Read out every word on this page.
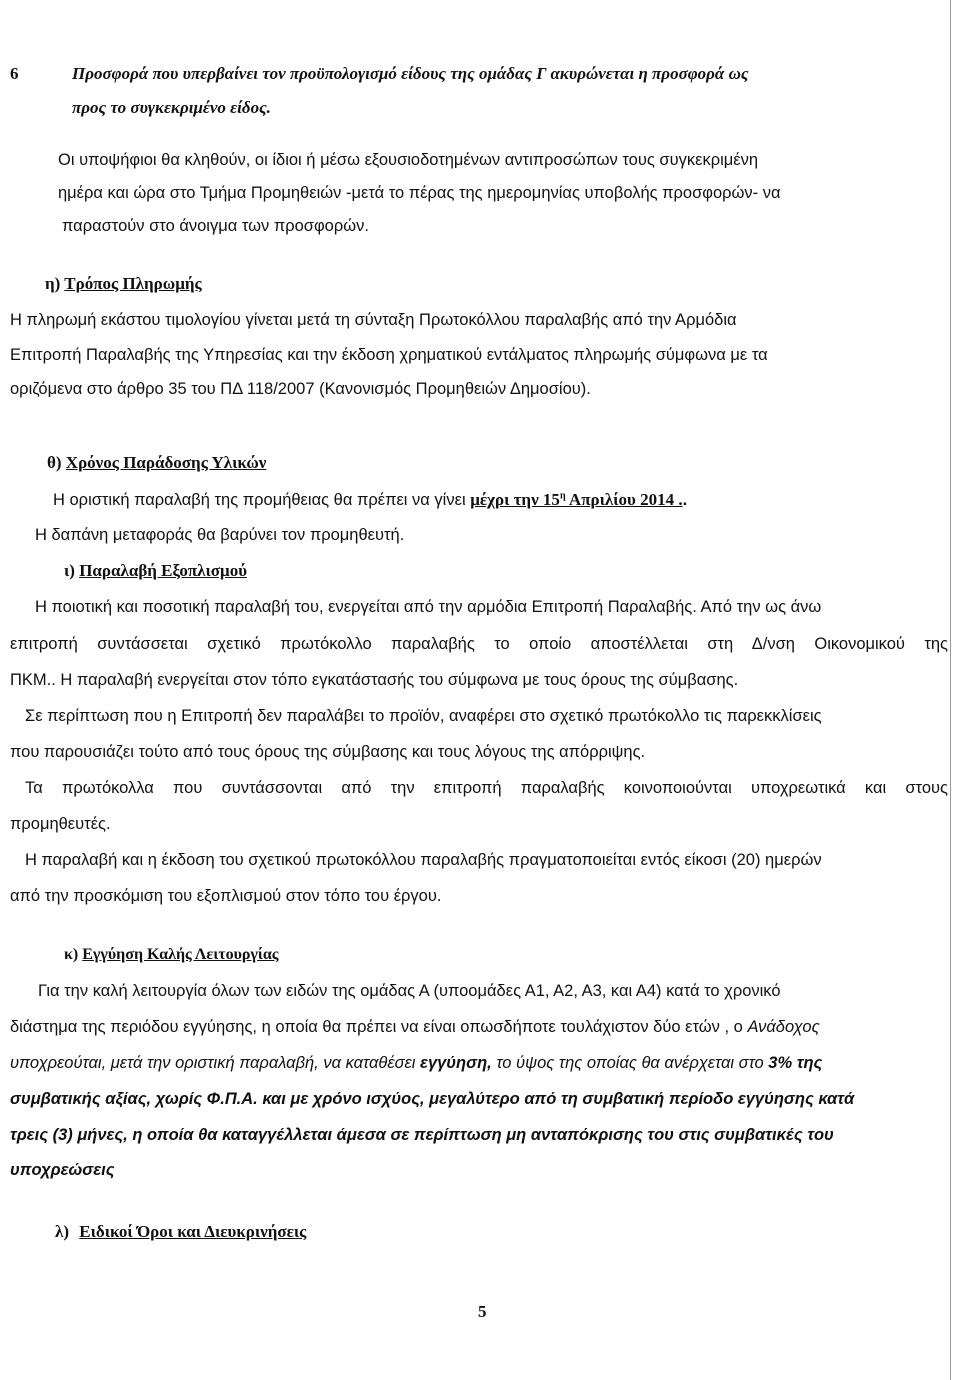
6	Προσφορά που υπερβαίνει τον προϋπολογισμό είδους της ομάδας Γ ακυρώνεται η προσφορά ως
προς το συγκεκριμένο είδος.
Οι υποψήφιοι θα κληθούν, οι ίδιοι ή μέσω εξουσιοδοτημένων αντιπροσώπων τους συγκεκριμένη
ημέρα και ώρα στο Τμήμα Προμηθειών -μετά το πέρας της ημερομηνίας υποβολής προσφορών- να
παραστούν στο άνοιγμα των προσφορών.
η) Τρόπος Πληρωμής
Η πληρωμή εκάστου τιμολογίου γίνεται μετά τη σύνταξη Πρωτοκόλλου παραλαβής από την Αρμόδια
Επιτροπή Παραλαβής της Υπηρεσίας και την έκδοση χρηματικού εντάλματος πληρωμής σύμφωνα με τα
οριζόμενα στο άρθρο 35 του ΠΔ 118/2007 (Κανονισμός Προμηθειών Δημοσίου).
θ) Χρόνος Παράδοσης Υλικών
Η οριστική παραλαβή της προμήθειας θα πρέπει να γίνει μέχρι την $15^\eta$ Απριλίου 2014 ..
Η δαπάνη μεταφοράς θα βαρύνει τον προμηθευτή.
ι) Παραλαβή Εξοπλισμού
Η ποιοτική και ποσοτική παραλαβή του, ενεργείται από την αρμόδια Επιτροπή Παραλαβής. Από την ως άνω
επιτροπή συντάσσεται σχετικό πρωτόκολλο παραλαβής το οποίο αποστέλλεται στη Δ/νση Οικονομικού της
ΠΚΜ.. Η παραλαβή ενεργείται στον τόπο εγκατάστασής του σύμφωνα με τους όρους της σύμβασης.
Σε περίπτωση που η Επιτροπή δεν παραλάβει το προϊόν, αναφέρει στο σχετικό πρωτόκολλο τις παρεκκλίσεις
που παρουσιάζει τούτο από τους όρους της σύμβασης και τους λόγους της απόρριψης.
Τα πρωτόκολλα που συντάσσονται από την επιτροπή παραλαβής κοινοποιούνται υποχρεωτικά και στους
προμηθευτές.
Η παραλαβή και η έκδοση του σχετικού πρωτοκόλλου παραλαβής πραγματοποιείται εντός είκοσι (20) ημερών
από την προσκόμιση του εξοπλισμού στον τόπο του έργου.
κ) Εγγύηση Καλής Λειτουργίας
Για την καλή λειτουργία όλων των ειδών της ομάδας Α (υποομάδες Α1, Α2, Α3, και Α4) κατά το χρονικό
διάστημα της περιόδου εγγύησης, η οποία θα πρέπει να είναι οπωσδήποτε τουλάχιστον δύο ετών , ο Ανάδοχος
υποχρεούται, μετά την οριστική παραλαβή, να καταθέσει εγγύηση, το ύψος της οποίας θα ανέρχεται στο 3% της
συμβατικής αξίας, χωρίς Φ.Π.Α. και με χρόνο ισχύος, μεγαλύτερο από τη συμβατική περίοδο εγγύησης κατά
τρεις (3) μήνες, η οποία θα καταγγέλλεται άμεσα σε περίπτωση μη ανταπόκρισης του στις συμβατικές του
υποχρεώσεις
λ) Ειδικοί Όροι και Διευκρινήσεις
5
